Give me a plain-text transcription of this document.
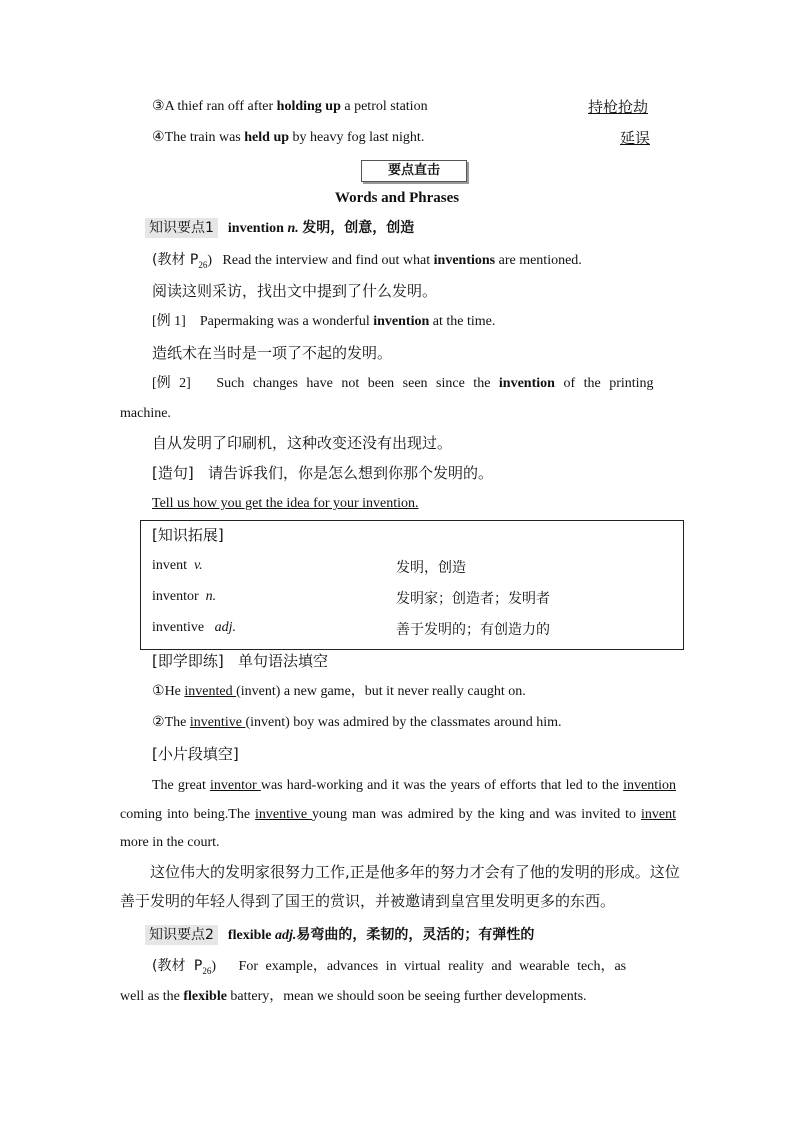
③A thief ran off after holding up a petrol station	持枪抢劫
④The train was held up by heavy fog last night.	延误
要点直击
Words and Phrases
知识要点1 invention n. 发明，创意，创造
(教材 $P_{26}$) Read the interview and find out what inventions are mentioned.
阅读这则采访，找出文中提到了什么发明。
[例 1] Papermaking was a wonderful invention at the time.
造纸术在当时是一项了不起的发明。
[例 2] Such changes have not been seen since the invention of the printing
machine.
自从发明了印刷机，这种改变还没有出现过。
[造句] 请告诉我们，你是怎么想到你那个发明的。
Tell us how you get the idea for your invention.
[知识拓展]
invent v.	发明，创造
inventor n.	发明家；创造者；发明者
inventive adj.	善于发明的；有创造力的
[即学即练] 单句语法填空
①He invented (invent) a new game，but it never really caught on.
②The inventive (invent) boy was admired by the classmates around him.
[小片段填空]
The great inventor was hard-working and it was the years of efforts that led to the invention coming into being.The inventive young man was admired by the king and was invited to invent more in the court.
这位伟大的发明家很努力工作,正是他多年的努力才会有了他的发明的形成。这位善于发明的年轻人得到了国王的赏识，并被邀请到皇宫里发明更多的东西。
知识要点2 flexible adj.易弯曲的，柔韧的，灵活的；有弹性的
(教材 $P_{26}$) For example，advances in virtual reality and wearable tech，as
well as the flexible battery，mean we should soon be seeing further developments.
